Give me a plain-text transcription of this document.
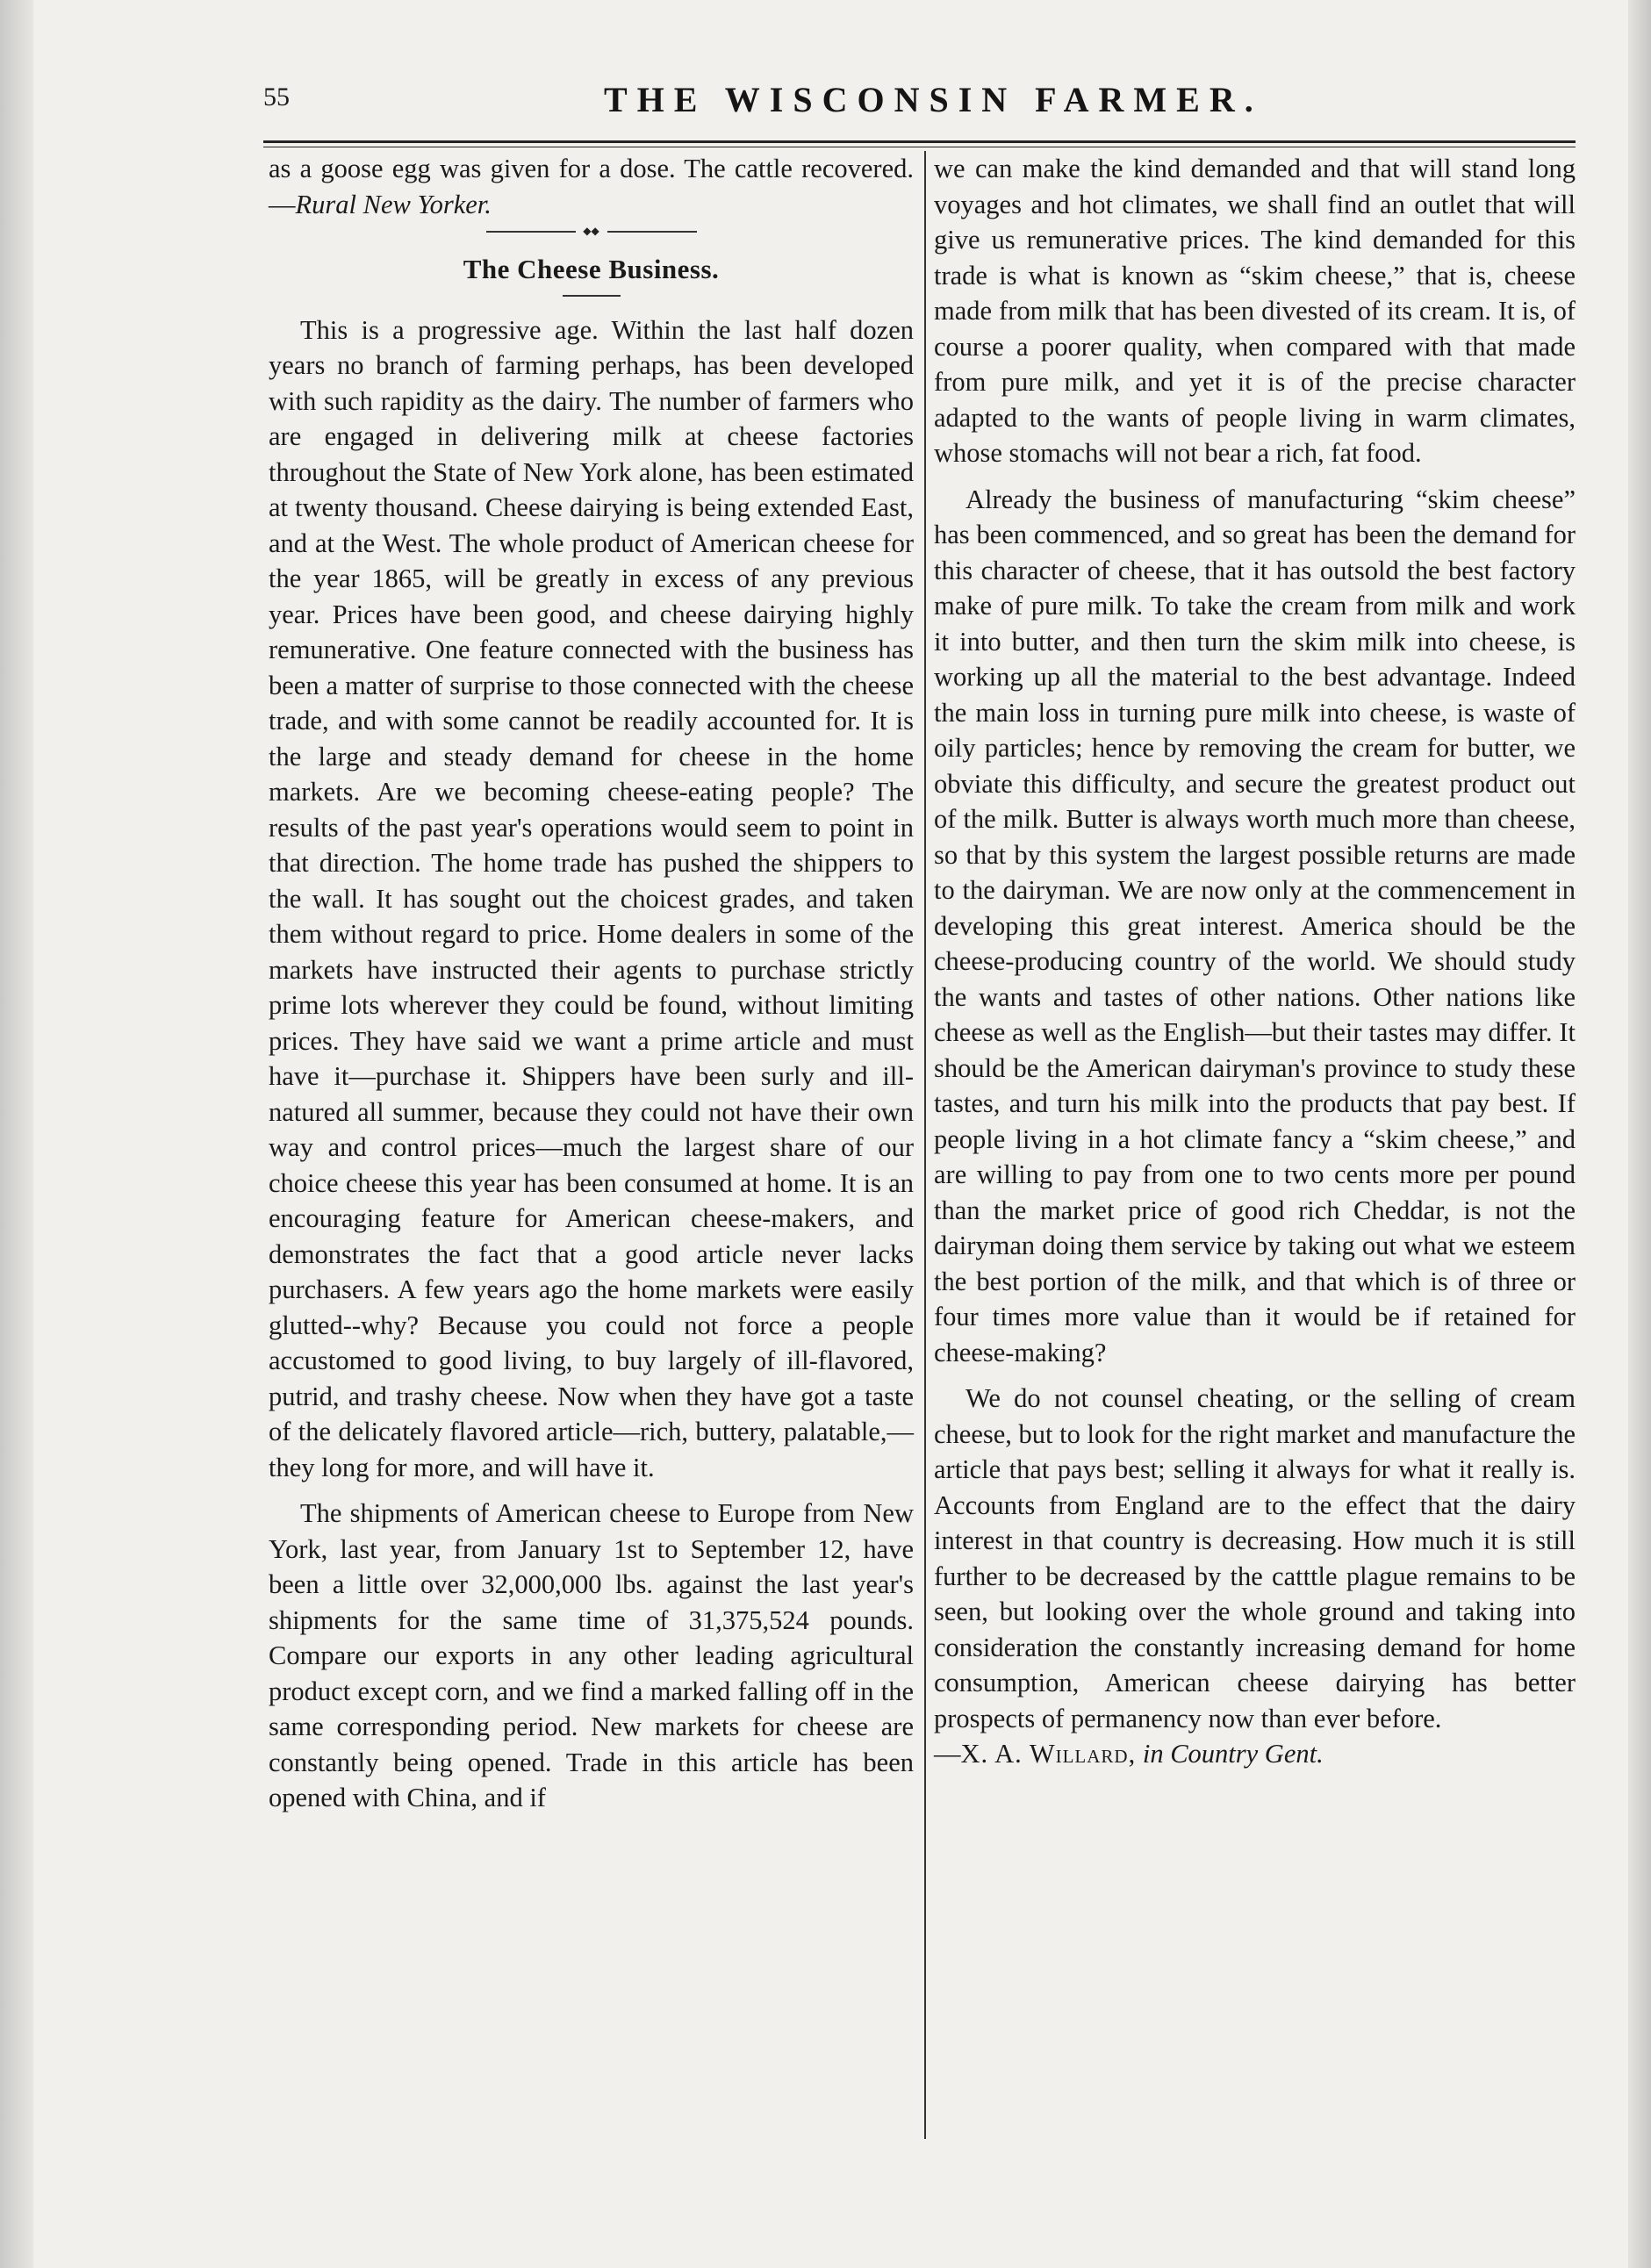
55	THE WISCONSIN FARMER.

as a goose egg was given for a dose. The cattle recovered.—Rural New Yorker.

◆◆
The Cheese Business.

This is a progressive age. Within the last half dozen years no branch of farming perhaps, has been developed with such rapidity as the dairy. The number of farmers who are engaged in delivering milk at cheese factories throughout the State of New York alone, has been estimated at twenty thousand. Cheese dairying is being extended East, and at the West. The whole product of American cheese for the year 1865, will be greatly in excess of any previous year. Prices have been good, and cheese dairying highly remunerative. One feature connected with the business has been a matter of surprise to those connected with the cheese trade, and with some cannot be readily accounted for. It is the large and steady demand for cheese in the home markets. Are we becoming cheese-eating people? The results of the past year's operations would seem to point in that direction. The home trade has pushed the shippers to the wall. It has sought out the choicest grades, and taken them without regard to price. Home dealers in some of the markets have instructed their agents to purchase strictly prime lots wherever they could be found, without limiting prices. They have said we want a prime article and must have it—purchase it. Shippers have been surly and ill-natured all summer, because they could not have their own way and control prices—much the largest share of our choice cheese this year has been consumed at home. It is an encouraging feature for American cheese-makers, and demonstrates the fact that a good article never lacks purchasers. A few years ago the home markets were easily glutted--why? Because you could not force a people accustomed to good living, to buy largely of ill-flavored, putrid, and trashy cheese. Now when they have got a taste of the delicately flavored article—rich, buttery, palatable,—they long for more, and will have it.

The shipments of American cheese to Europe from New York, last year, from January 1st to September 12, have been a little over 32,000,000 lbs. against the last year's shipments for the same time of 31,375,524 pounds. Compare our exports in any other leading agricultural product except corn, and we find a marked falling off in the same corresponding period. New markets for cheese are constantly being opened. Trade in this article has been opened with China, and if

we can make the kind demanded and that will stand long voyages and hot climates, we shall find an outlet that will give us remunerative prices. The kind demanded for this trade is what is known as “skim cheese,” that is, cheese made from milk that has been divested of its cream. It is, of course a poorer quality, when compared with that made from pure milk, and yet it is of the precise character adapted to the wants of people living in warm climates, whose stomachs will not bear a rich, fat food.

Already the business of manufacturing “skim cheese” has been commenced, and so great has been the demand for this character of cheese, that it has outsold the best factory make of pure milk. To take the cream from milk and work it into butter, and then turn the skim milk into cheese, is working up all the material to the best advantage. Indeed the main loss in turning pure milk into cheese, is waste of oily particles; hence by removing the cream for butter, we obviate this difficulty, and secure the greatest product out of the milk. Butter is always worth much more than cheese, so that by this system the largest possible returns are made to the dairyman. We are now only at the commencement in developing this great interest. America should be the cheese-producing country of the world. We should study the wants and tastes of other nations. Other nations like cheese as well as the English—but their tastes may differ. It should be the American dairyman's province to study these tastes, and turn his milk into the products that pay best. If people living in a hot climate fancy a “skim cheese,” and are willing to pay from one to two cents more per pound than the market price of good rich Cheddar, is not the dairyman doing them service by taking out what we esteem the best portion of the milk, and that which is of three or four times more value than it would be if retained for cheese-making?

We do not counsel cheating, or the selling of cream cheese, but to look for the right market and manufacture the article that pays best; selling it always for what it really is. Accounts from England are to the effect that the dairy interest in that country is decreasing. How much it is still further to be decreased by the catttle plague remains to be seen, but looking over the whole ground and taking into consideration the constantly increasing demand for home consumption, American cheese dairying has better prospects of permanency now than ever before.

—X. A. Willard, in Country Gent.
